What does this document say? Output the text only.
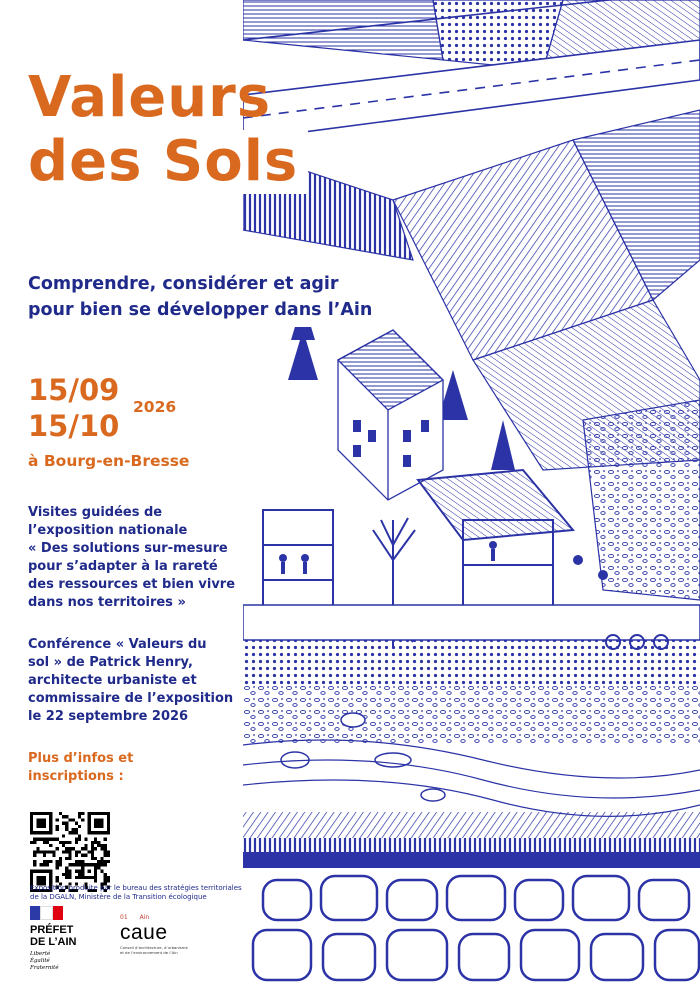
Valeurs
des Sols
Comprendre, considérer et agir
pour bien se développer dans l’Ain
15/09
15/10
2026
à Bourg-en-Bresse
Visites guidées de
l’exposition nationale
« Des solutions sur-mesure
pour s’adapter à la rareté
des ressources et bien vivre
dans nos territoires »
Conférence « Valeurs du
sol » de Patrick Henry,
architecte urbaniste et
commissaire de l’exposition
le 22 septembre 2026
Plus d’infos et
inscriptions :
Exposition produite par le bureau des stratégies territoriales
de la DGALN, Ministère de la Transition écologique
PRÉFET
DE L’AIN
Liberté
Égalité
Fraternité
01 Ain
caue
Conseil d’architecture, d’urbanisme
et de l’environnement de l’Ain
